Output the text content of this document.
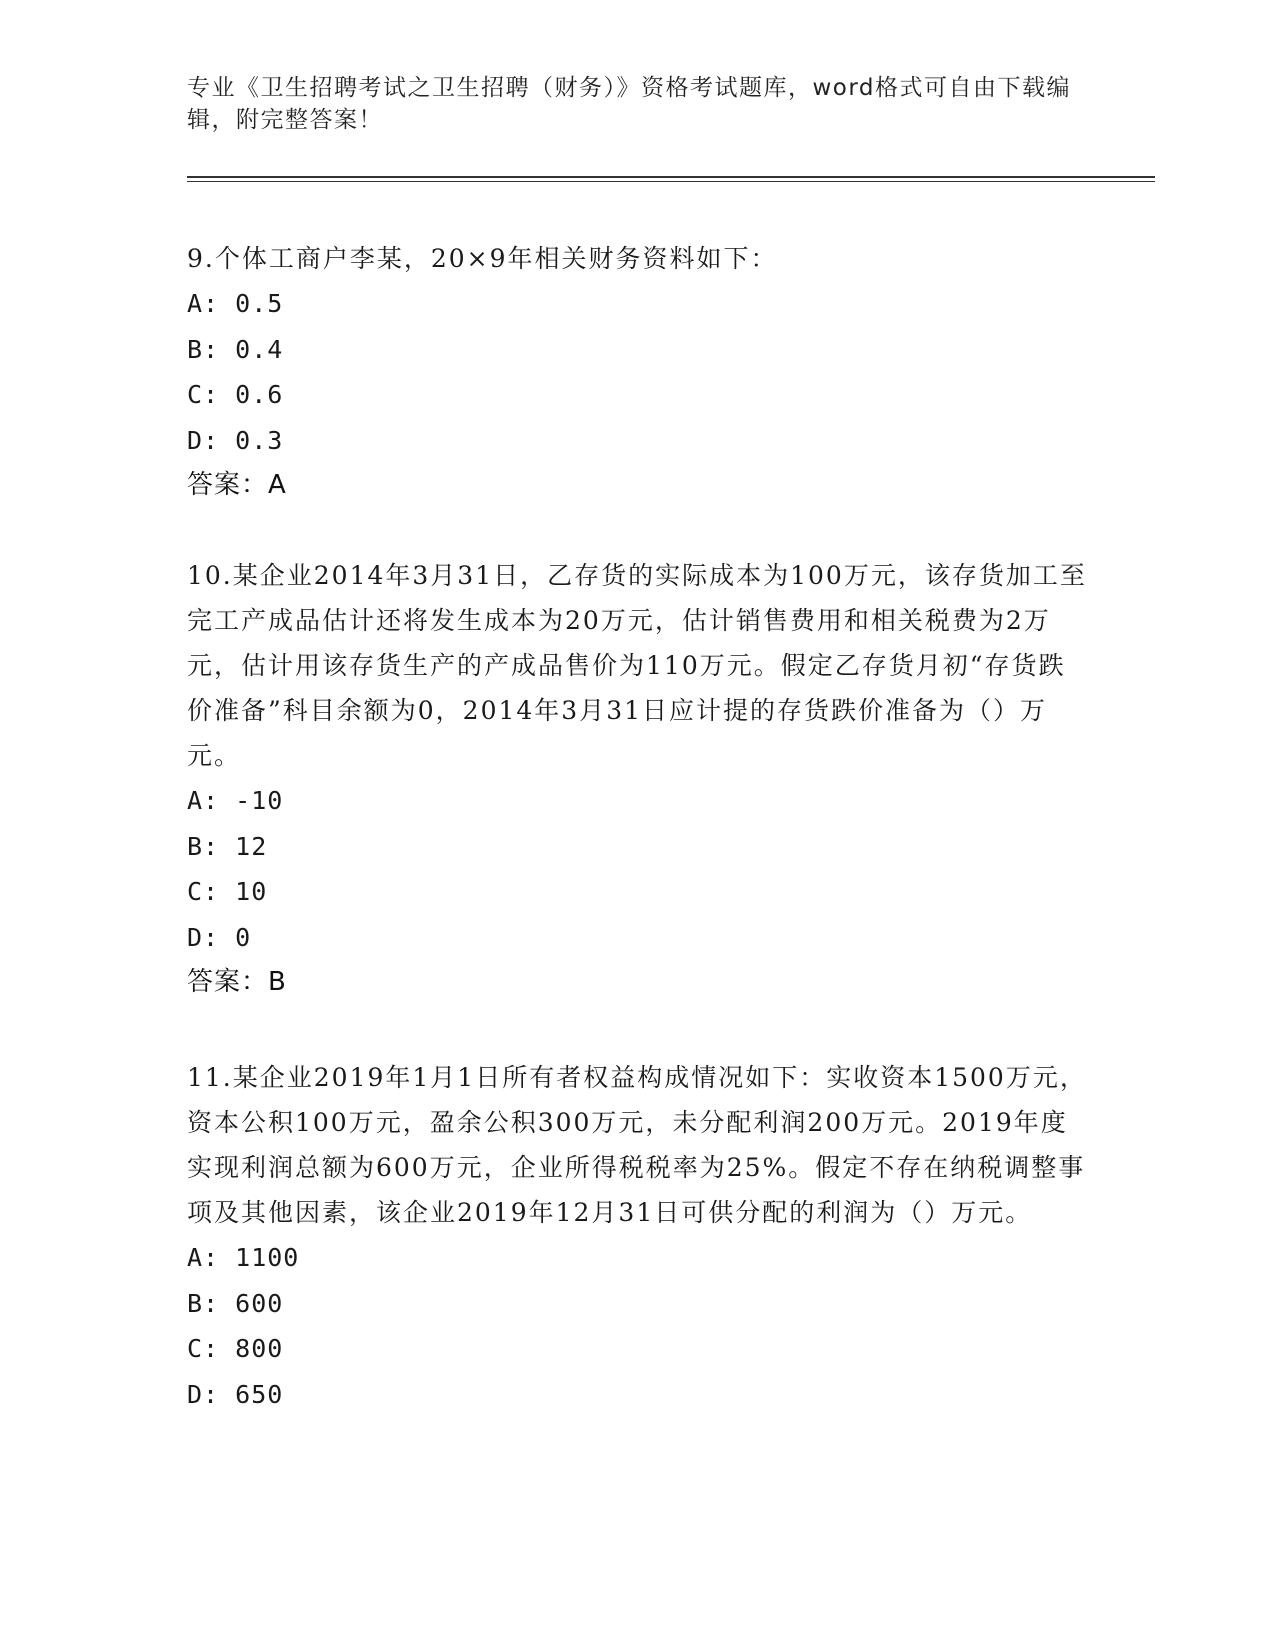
专业《卫生招聘考试之卫生招聘（财务）》资格考试题库，word格式可自由下载编辑，附完整答案！

9.个体工商户李某，20×9年相关财务资料如下：

A: 0.5

B: 0.4

C: 0.6

D: 0.3

答案：A

10.某企业2014年3月31日，乙存货的实际成本为100万元，该存货加工至完工产成品估计还将发生成本为20万元，估计销售费用和相关税费为2万元，估计用该存货生产的产成品售价为110万元。假定乙存货月初“存货跌价准备”科目余额为0，2014年3月31日应计提的存货跌价准备为（）万元。

A: -10

B: 12

C: 10

D: 0

答案：B

11.某企业2019年1月1日所有者权益构成情况如下：实收资本1500万元，资本公积100万元，盈余公积300万元，未分配利润200万元。2019年度实现利润总额为600万元，企业所得税税率为25%。假定不存在纳税调整事项及其他因素，该企业2019年12月31日可供分配的利润为（）万元。

A: 1100

B: 600

C: 800

D: 650
